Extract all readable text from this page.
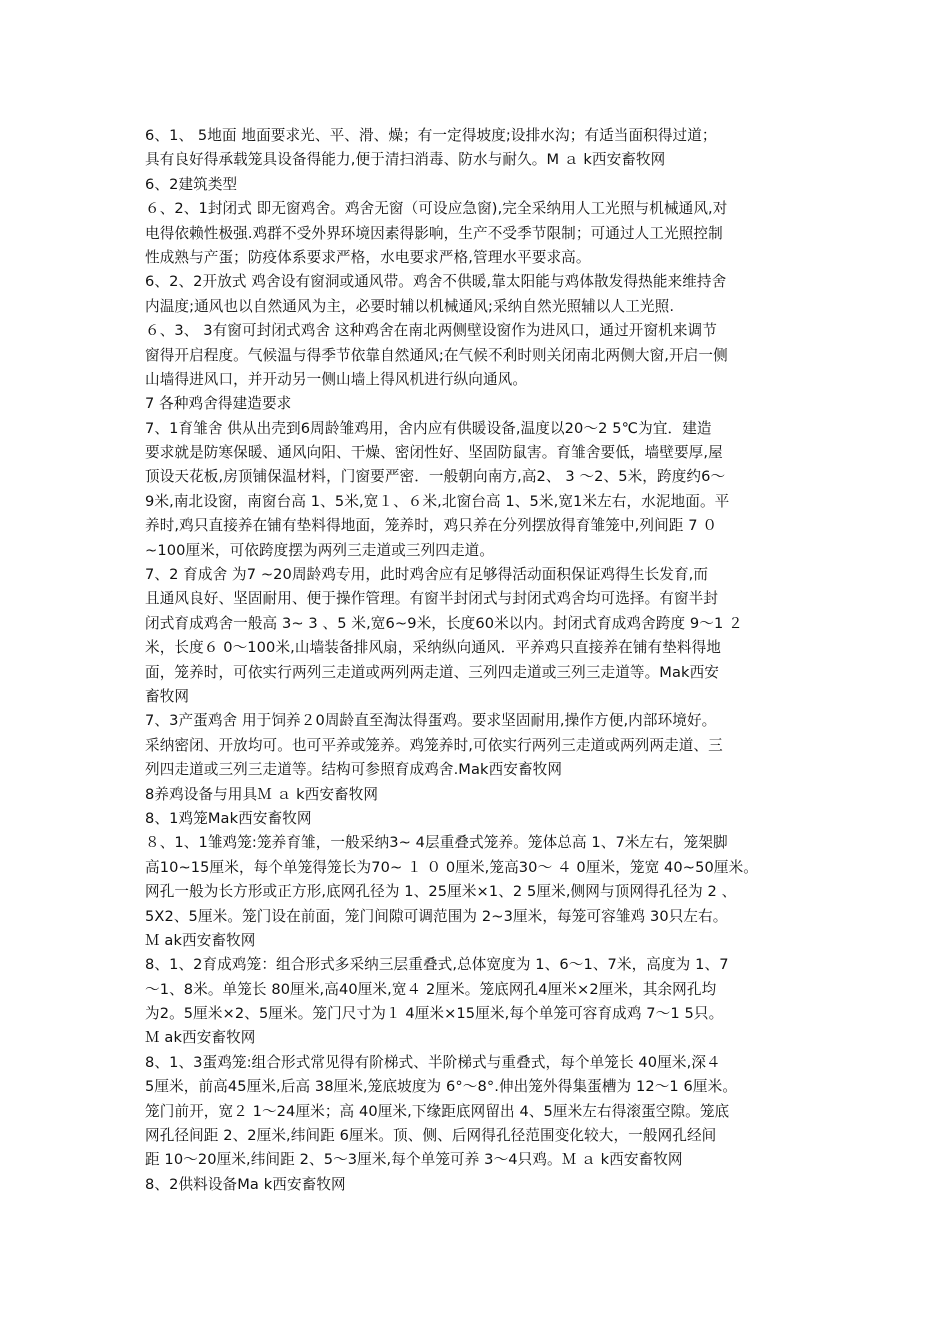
6、1、 5地面 地面要求光、平、滑、燥；有一定得坡度;设排水沟；有适当面积得过道；
具有良好得承载笼具设备得能力,便于清扫消毒、防水与耐久。M ａ k西安畜牧网
6、2建筑类型
６、2、1封闭式 即无窗鸡舍。鸡舍无窗（可设应急窗),完全采纳用人工光照与机械通风,对
电得依赖性极强.鸡群不受外界环境因素得影响，生产不受季节限制；可通过人工光照控制
性成熟与产蛋；防疫体系要求严格，水电要求严格,管理水平要求高。
6、2、2开放式 鸡舍设有窗洞或通风带。鸡舍不供暖,靠太阳能与鸡体散发得热能来维持舍
内温度;通风也以自然通风为主，必要时辅以机械通风;采纳自然光照辅以人工光照.
６、3、 3有窗可封闭式鸡舍 这种鸡舍在南北两侧壁设窗作为进风口，通过开窗机来调节
窗得开启程度。气候温与得季节依靠自然通风;在气候不利时则关闭南北两侧大窗,开启一侧
山墙得进风口，并开动另一侧山墙上得风机进行纵向通风。
7 各种鸡舍得建造要求
7、1育雏舍 供从出壳到6周龄雏鸡用，舍内应有供暖设备,温度以20～2 5℃为宜．建造
要求就是防寒保暖、通风向阳、干燥、密闭性好、坚固防鼠害。育雏舍要低，墙壁要厚,屋
顶设天花板,房顶铺保温材料，门窗要严密．一般朝向南方,高2、 3 ～2、5米，跨度约6～
9米,南北设窗，南窗台高 1、5米,宽１、６米,北窗台高 1、5米,宽1米左右，水泥地面。平
养时,鸡只直接养在铺有垫料得地面，笼养时，鸡只养在分列摆放得育雏笼中,列间距 7 ０
~100厘米，可依跨度摆为两列三走道或三列四走道。
7、2 育成舍 为7 ~20周龄鸡专用，此时鸡舍应有足够得活动面积保证鸡得生长发育,而
且通风良好、坚固耐用、便于操作管理。有窗半封闭式与封闭式鸡舍均可选择。有窗半封
闭式育成鸡舍一般高 3~ 3 、5 米,宽6~9米，长度60米以内。封闭式育成鸡舍跨度 9～1 ２
米，长度６ 0～100米,山墙装备排风扇，采纳纵向通风．平养鸡只直接养在铺有垫料得地
面，笼养时，可依实行两列三走道或两列两走道、三列四走道或三列三走道等。Mak西安
畜牧网
7、3产蛋鸡舍 用于饲养２0周龄直至淘汰得蛋鸡。要求坚固耐用,操作方便,内部环境好。
采纳密闭、开放均可。也可平养或笼养。鸡笼养时,可依实行两列三走道或两列两走道、三
列四走道或三列三走道等。结构可参照育成鸡舍.Mak西安畜牧网
8养鸡设备与用具Ｍ ａ k西安畜牧网
8、1鸡笼Mak西安畜牧网
８、1、1雏鸡笼:笼养育雏，一般采纳3~ 4层重叠式笼养。笼体总高 1、7米左右，笼架脚
高10~15厘米，每个单笼得笼长为70~ １ ０ 0厘米,笼高30～ ４ 0厘米，笼宽 40~50厘米。
网孔一般为长方形或正方形,底网孔径为 1、25厘米×1、2 5厘米,侧网与顶网得孔径为 2 、
5X2、5厘米。笼门设在前面，笼门间隙可调范围为 2~3厘米，每笼可容雏鸡 30只左右。
Ｍ ak西安畜牧网
8、1、2育成鸡笼：组合形式多采纳三层重叠式,总体宽度为 1、6～1、7米，高度为 1、7
～1、8米。单笼长 80厘米,高40厘米,宽４ 2厘米。笼底网孔4厘米×2厘米，其余网孔均
为2。5厘米×2、5厘米。笼门尺寸为１ 4厘米×15厘米,每个单笼可容育成鸡 7～1 5只。
Ｍ ak西安畜牧网
8、1、3蛋鸡笼:组合形式常见得有阶梯式、半阶梯式与重叠式，每个单笼长 40厘米,深４
5厘米，前高45厘米,后高 38厘米,笼底坡度为 6°～8°.伸出笼外得集蛋槽为 12～1 6厘米。
笼门前开，宽２ 1～24厘米；高 40厘米,下缘距底网留出 4、5厘米左右得滚蛋空隙。笼底
网孔径间距 2、2厘米,纬间距 6厘米。顶、侧、后网得孔径范围变化较大，一般网孔经间
距 10～20厘米,纬间距 2、5～3厘米,每个单笼可养 3～4只鸡。Ｍ ａ k西安畜牧网
8、2供料设备Ma k西安畜牧网
